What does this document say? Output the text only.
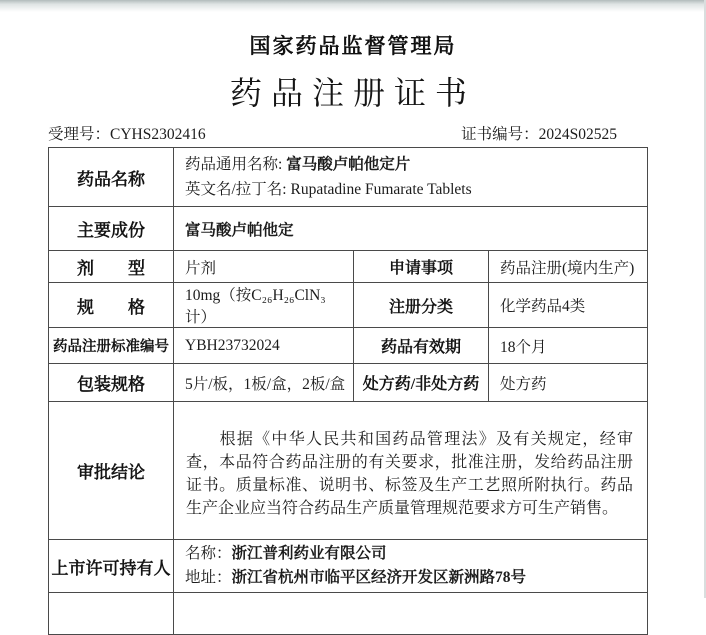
国家药品监督管理局
药品注册证书
受理号：CYHS2302416	证书编号：2024S02525
药品名称	药品通用名称: 富马酸卢帕他定片
英文名/拉丁名: Rupatadine Fumarate Tablets		

主要成份	富马酸卢帕他定		
剂　　型	片剂	申请事项	药品注册(境内生产)
规　　格	10mg（按C₂₆H₂₆ClN₃计）	注册分类	化学药品4类
药品注册标准编号	YBH23732024	药品有效期	18个月
包装规格	5片/板，1板/盒，2板/盒	处方药/非处方药	处方药
审批结论	根据《中华人民共和国药品管理法》及有关规定，经审查，本品符合药品注册的有关要求，批准注册，发给药品注册证书。质量标准、说明书、标签及生产工艺照所附执行。药品生产企业应当符合药品生产质量管理规范要求方可生产销售。		

上市许可持有人	名称：浙江普利药业有限公司
地址：浙江省杭州市临平区经济开发区新洲路78号		
